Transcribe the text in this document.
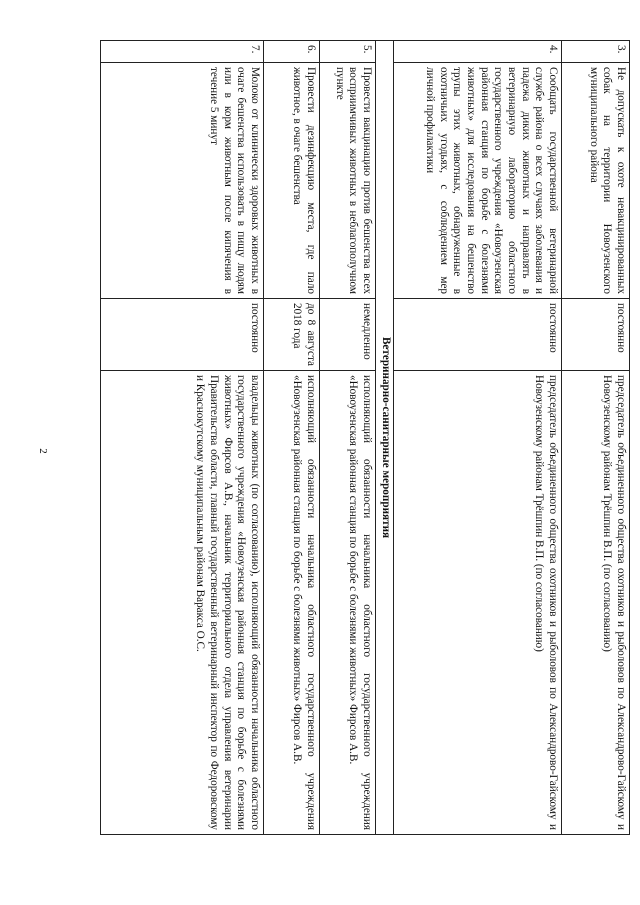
2
3.	Не допускать к охоте невакцинированных собак на территории Новоузенского муниципального района	постоянно	председатель объединенного общества охотников и рыболовов по Александрово-Гайскому и Новоузенскому районам Трёшпин В.П. (по согласованию)
4.	Сообщать государственной ветеринарной службе района о всех случаях заболевания и падежа диких животных и направлять в ветеринарную лабораторию областного государственного учреждения «Новоузенская районная станция по борьбе с болезнями животных» для исследования на бешенство трупы этих животных, обнаруженные в охотничьих угодьях, с соблюдением мер личной профилактики	постоянно	председатель объединенного общества охотников и рыболовов по Александрово-Гайскому и Новоузенскому районам Трёшпин В.П. (по согласованию)
Ветеринарно-санитарные мероприятия			
5.	Провести вакцинацию против бешенства всех восприимчивых животных в неблагополучном пункте	немедленно	исполняющий обязанности начальника областного государственного учреждения «Новоузенская районная станция по борьбе с болезнями животных» Фирсов А.В.
6.	Провести дезинфекцию места, где пало животное, в очаге бешенства	до 8 августа 2018 года	исполняющий обязанности начальника областного государственного учреждения «Новоузенская районная станция по борьбе с болезнями животных» Фирсов А.В.
7.	Молоко от клинически здоровых животных в очаге бешенства использовать в пищу людям или в корм животным после кипячения в течение 5 минут	постоянно	владельцы животных (по согласованию), исполняющий обязанности начальника областного государственного учреждения «Новоузенская районная станция по борьбе с болезнями животных» Фирсов А.В., начальник территориального отдела управления ветеринарии Правительства области, главный государственный ветеринарный инспектор по Федоровскому и Краснокутскому муниципальным районам Варакса О.С.
